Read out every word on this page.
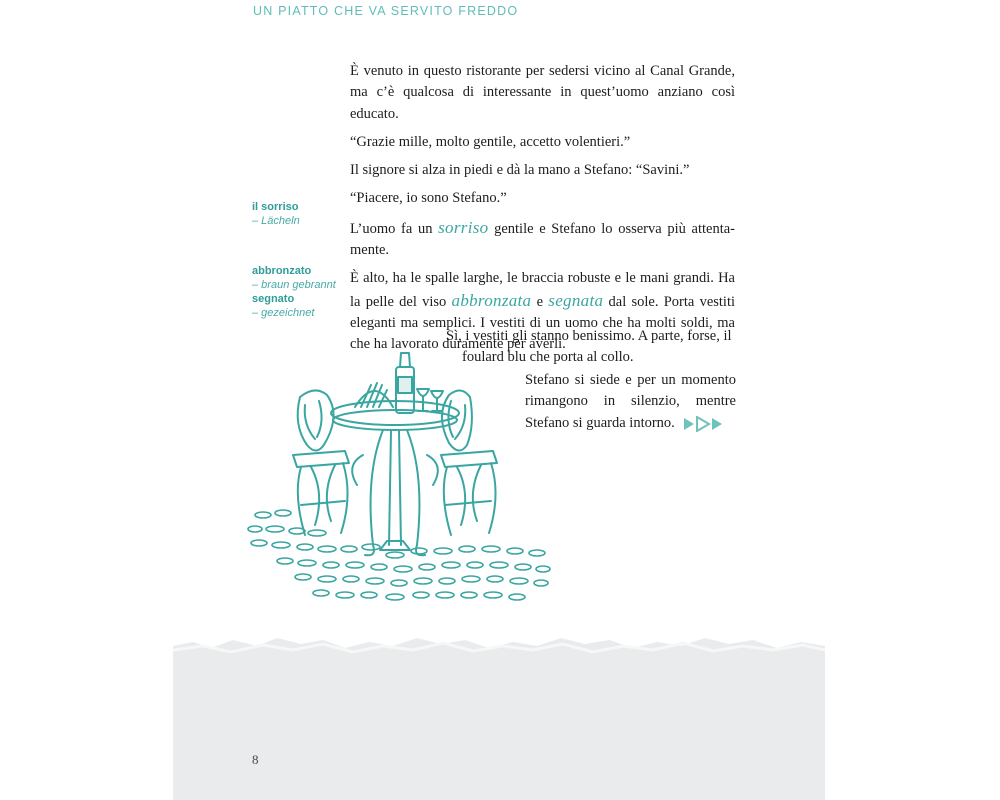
UN PIATTO CHE VA SERVITO FREDDO
il sorriso
– Lächeln
abbronzato
– braun gebrannt
segnato
– gezeichnet

È venuto in questo ristorante per sedersi vicino al Canal Grande, ma c’è qualcosa di interessante in quest’uomo anziano così educato.

“Grazie mille, molto gentile, accetto volentieri.”

Il signore si alza in piedi e dà la mano a Stefano: “Savini.”

“Piacere, io sono Stefano.”

L’uomo fa un sorriso gentile e Stefano lo osserva più attenta-mente.

È alto, ha le spalle larghe, le braccia robuste e le mani grandi. Ha la pelle del viso abbronzata e segnata dal sole. Porta vestiti eleganti ma semplici. I vestiti di un uomo che ha molti soldi, ma che ha lavorato duramente per averli.

Sì, i vestiti gli stanno benissimo. A parte, forse, il
foulard blu che porta al collo.
Stefano si siede e per un momento rimangono in silenzio, mentre Stefano si guarda intorno.
8
